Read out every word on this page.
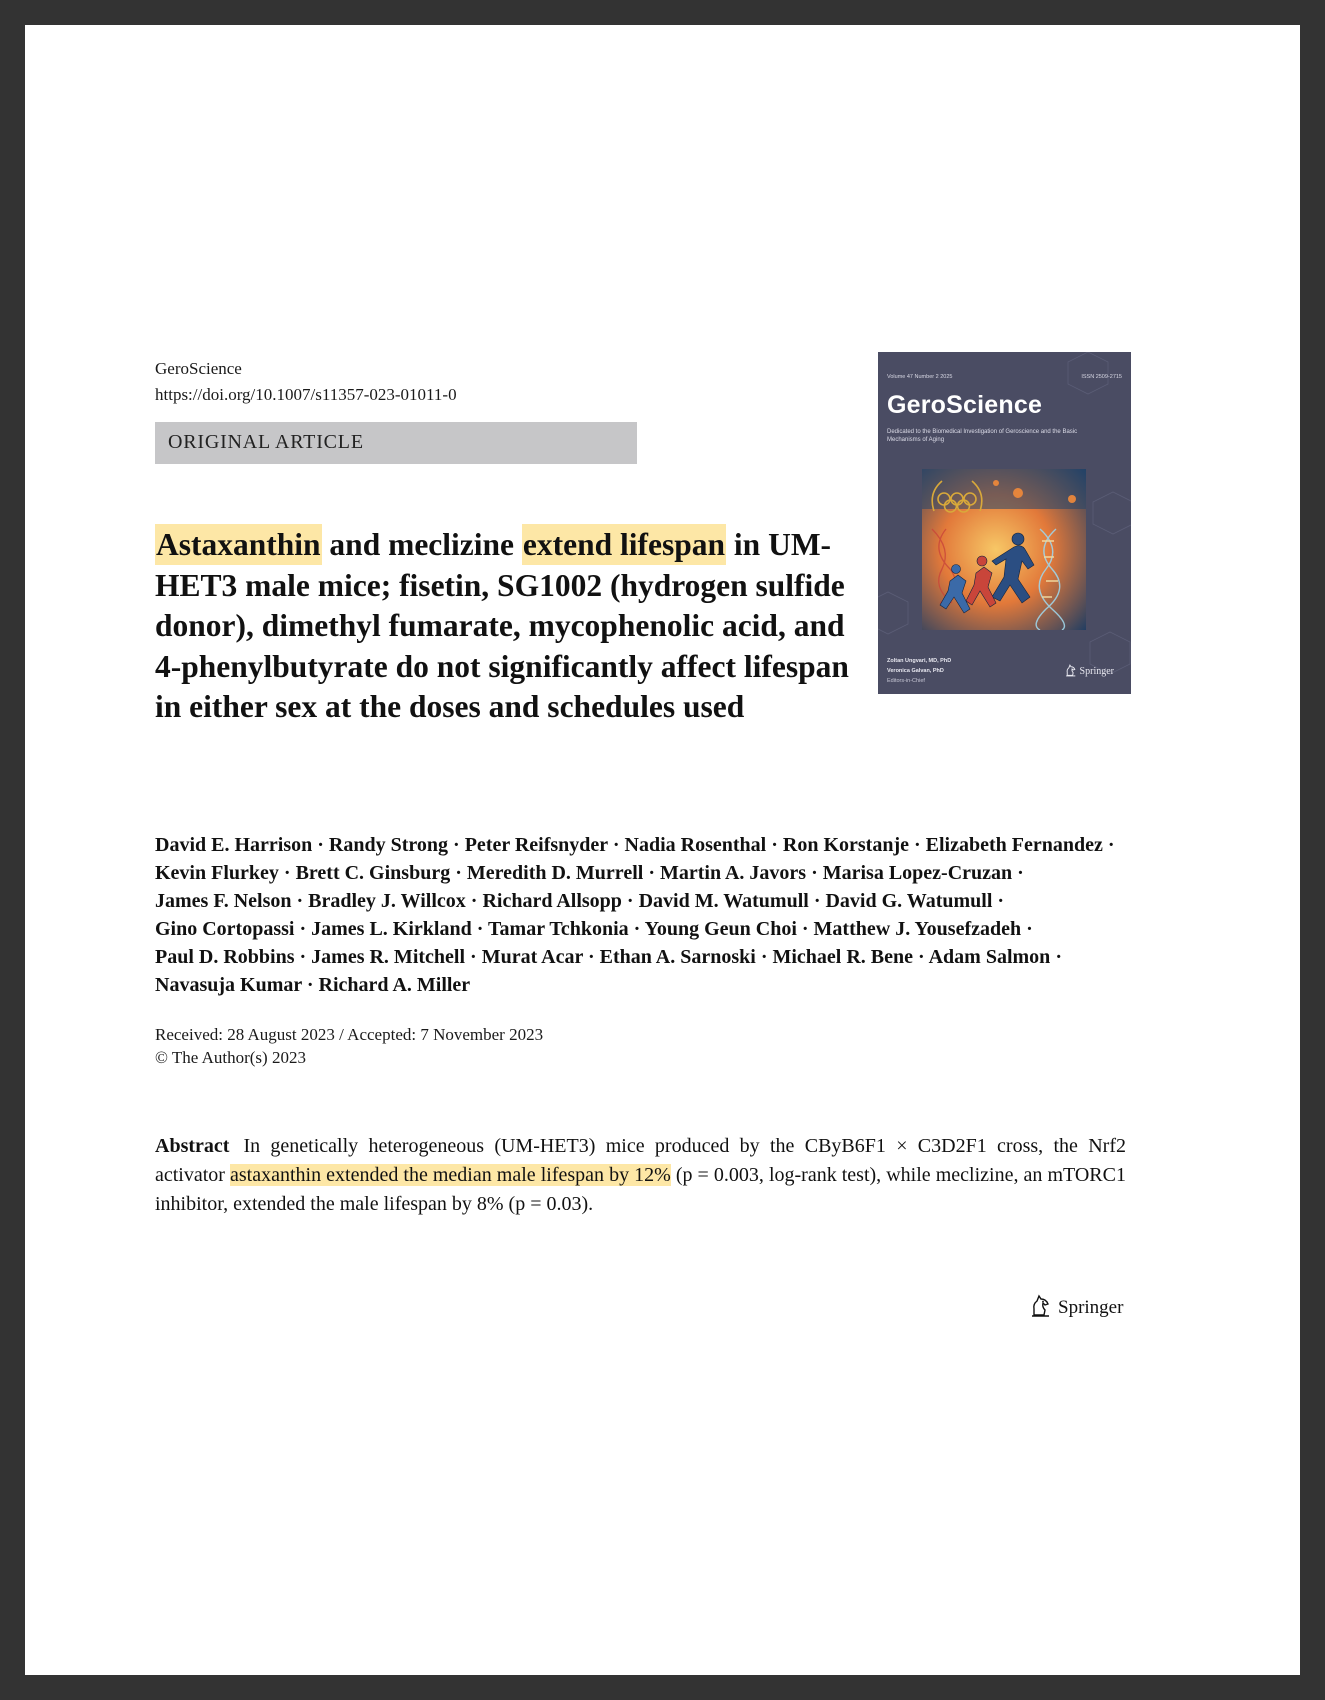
GeroScience
https://doi.org/10.1007/s11357-023-01011-0
ORIGINAL ARTICLE
Astaxanthin and meclizine extend lifespan in UM-HET3 male mice; fisetin, SG1002 (hydrogen sulfide donor), dimethyl fumarate, mycophenolic acid, and 4-phenylbutyrate do not significantly affect lifespan in either sex at the doses and schedules used
David E. Harrison · Randy Strong · Peter Reifsnyder · Nadia Rosenthal · Ron Korstanje · Elizabeth Fernandez · Kevin Flurkey · Brett C. Ginsburg · Meredith D. Murrell · Martin A. Javors · Marisa Lopez-Cruzan · James F. Nelson · Bradley J. Willcox · Richard Allsopp · David M. Watumull · David G. Watumull · Gino Cortopassi · James L. Kirkland · Tamar Tchkonia · Young Geun Choi · Matthew J. Yousefzadeh · Paul D. Robbins · James R. Mitchell · Murat Acar · Ethan A. Sarnoski · Michael R. Bene · Adam Salmon · Navasuja Kumar · Richard A. Miller
Received: 28 August 2023 / Accepted: 7 November 2023
© The Author(s) 2023
Abstract In genetically heterogeneous (UM-HET3) mice produced by the CByB6F1 × C3D2F1 cross, the Nrf2 activator astaxanthin extended the median male lifespan by 12% (p = 0.003, log-rank test), while meclizine, an mTORC1 inhibitor, extended the male lifespan by 8% (p = 0.03).
Springer
Volume 47 Number 2 2025	ISSN 2509-2715
GeroScience
Dedicated to the Biomedical Investigation of Geroscience and the Basic Mechanisms of Aging
Zoltan Ungvari, MD, PhD
Veronica Galvan, PhD
Editors-in-Chief
Springer
